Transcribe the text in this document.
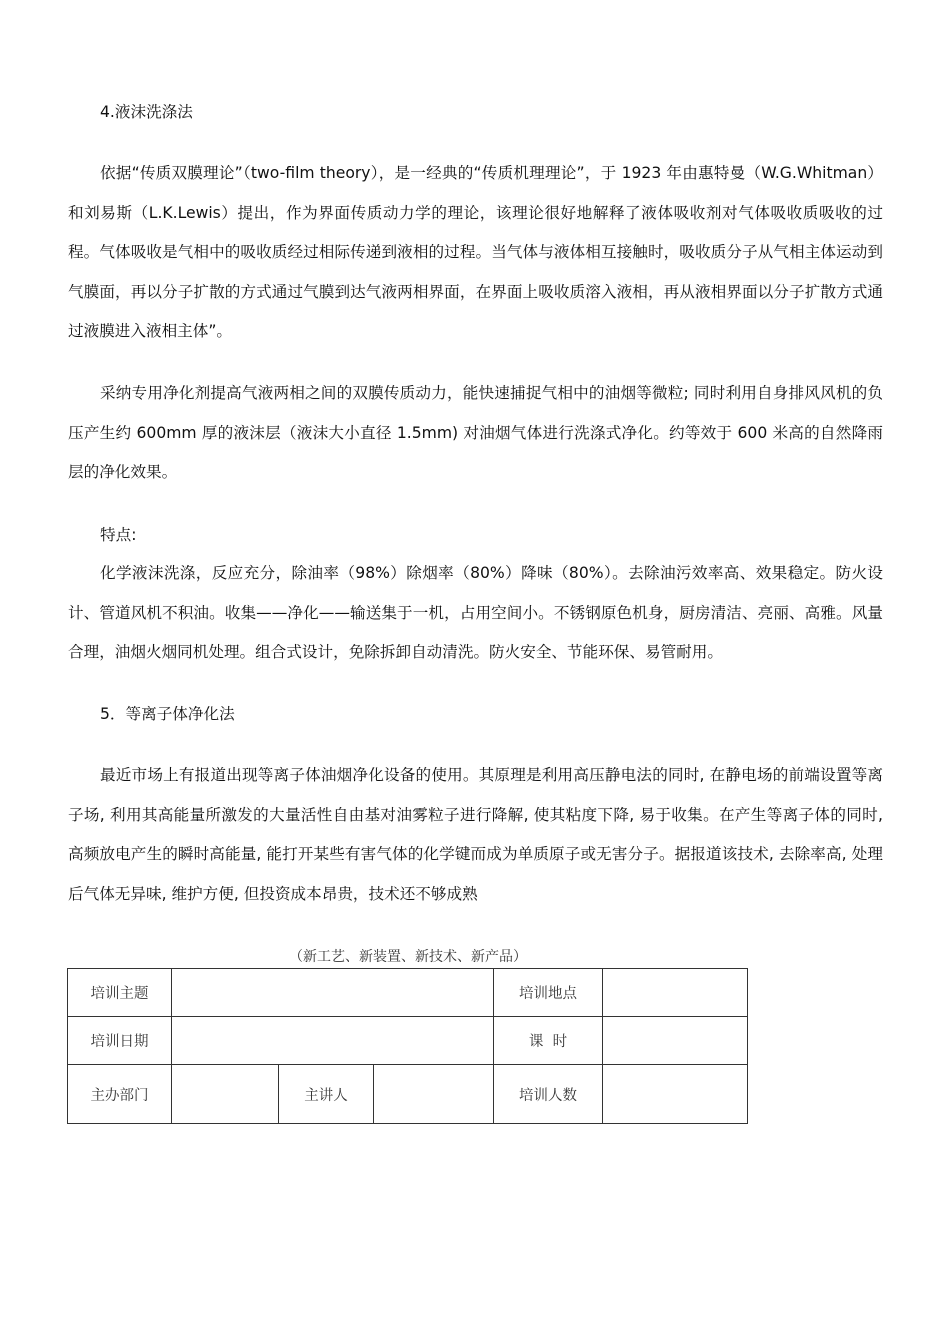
4.液沫洗涤法
依据“传质双膜理论”（two-film theory），是一经典的“传质机理理论”，于 1923 年由惠特曼（W.G.Whitman）和刘易斯（L.K.Lewis）提出，作为界面传质动力学的理论，该理论很好地解释了液体吸收剂对气体吸收质吸收的过程。气体吸收是气相中的吸收质经过相际传递到液相的过程。当气体与液体相互接触时，吸收质分子从气相主体运动到气膜面，再以分子扩散的方式通过气膜到达气液两相界面，在界面上吸收质溶入液相，再从液相界面以分子扩散方式通过液膜进入液相主体”。
采纳专用净化剂提高气液两相之间的双膜传质动力，能快速捕捉气相中的油烟等微粒; 同时利用自身排风风机的负压产生约 600mm 厚的液沫层（液沫大小直径 1.5mm) 对油烟气体进行洗涤式净化。约等效于 600 米高的自然降雨层的净化效果。
特点:
化学液沫洗涤，反应充分，除油率（98%）除烟率（80%）降味（80%）。去除油污效率高、效果稳定。防火设计、管道风机不积油。收集——净化——输送集于一机，占用空间小。不锈钢原色机身，厨房清洁、亮丽、高雅。风量合理，油烟火烟同机处理。组合式设计，免除拆卸自动清洗。防火安全、节能环保、易管耐用。
5．等离子体净化法
最近市场上有报道出现等离子体油烟净化设备的使用。其原理是利用高压静电法的同时, 在静电场的前端设置等离子场, 利用其高能量所激发的大量活性自由基对油雾粒子进行降解, 使其粘度下降, 易于收集。在产生等离子体的同时, 高频放电产生的瞬时高能量, 能打开某些有害气体的化学键而成为单质原子或无害分子。据报道该技术, 去除率高, 处理后气体无异味, 维护方便, 但投资成本昂贵，技术还不够成熟
（新工艺、新装置、新技术、新产品）
培训主题				培训地点	
培训日期				课  时	
主办部门		主讲人		培训人数	
